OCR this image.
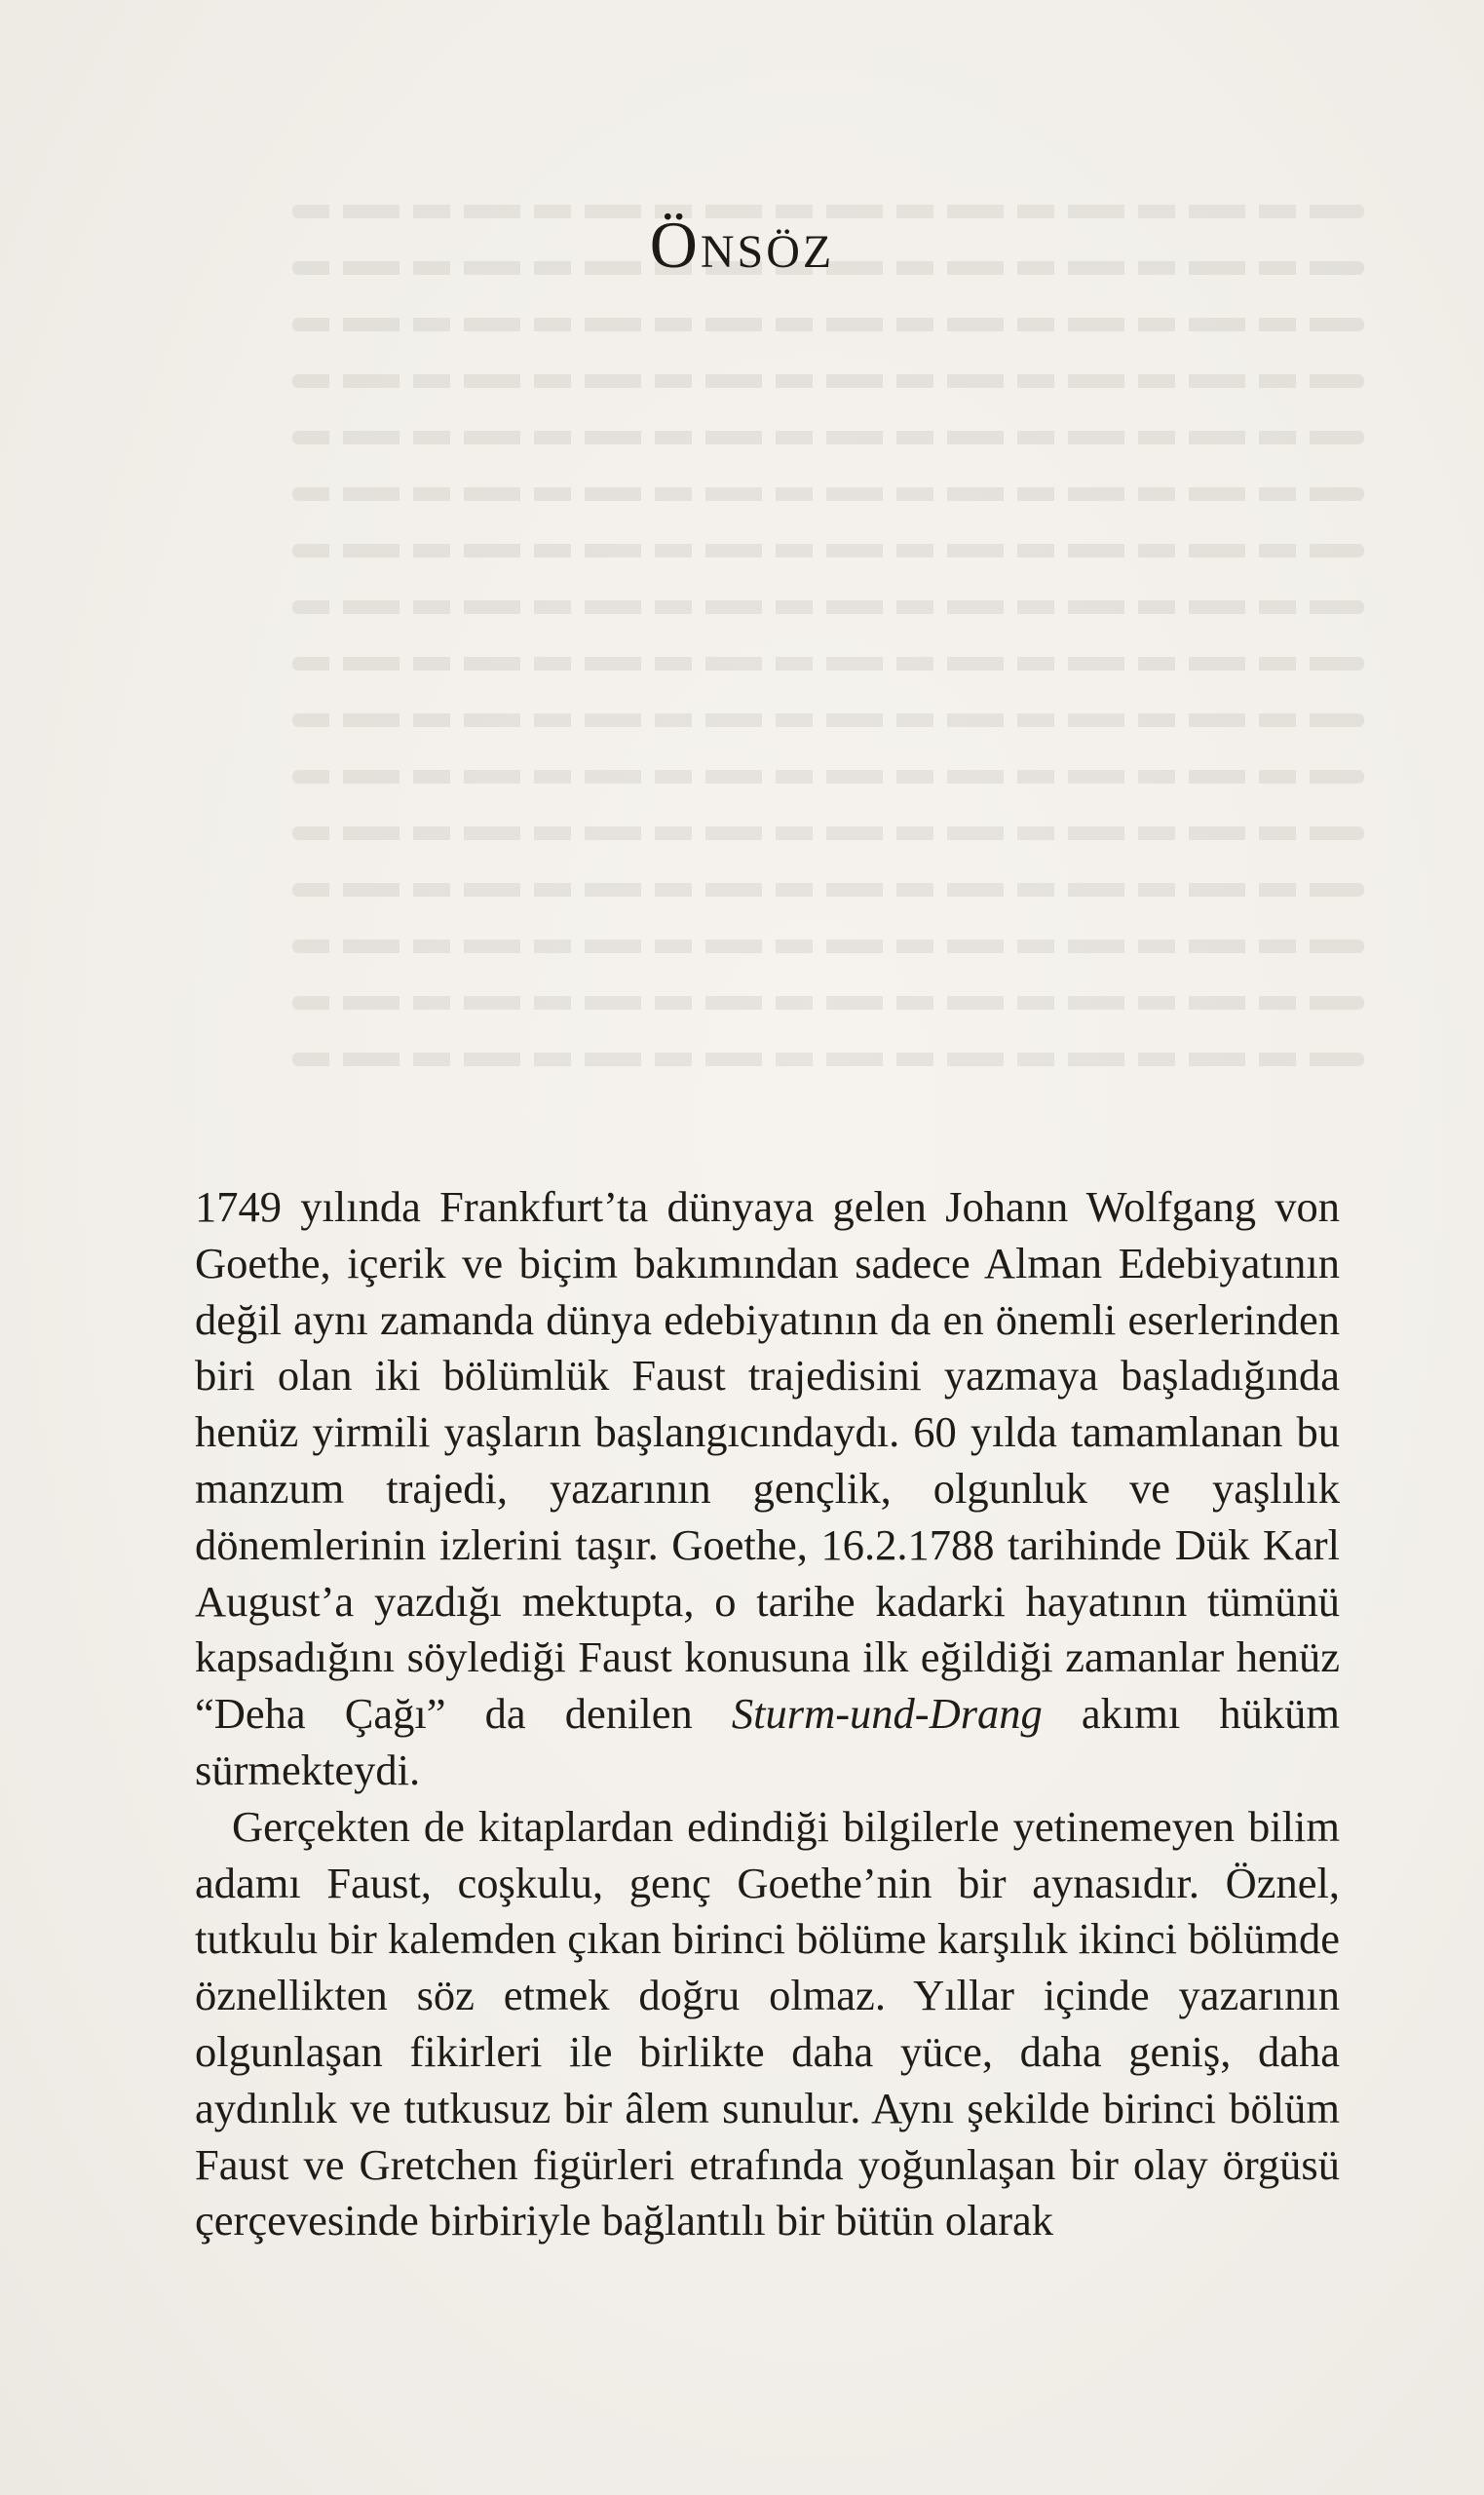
Önsöz

1749 yılında Frankfurt’ta dünyaya gelen Johann Wolfgang von Goethe, içerik ve biçim bakımından sadece Alman Edebiyatının değil aynı zamanda dünya edebiyatının da en önemli eserlerinden biri olan iki bölümlük Faust trajedisini yazmaya başladığında henüz yirmili yaşların başlangıcındaydı. 60 yılda tamamlanan bu manzum trajedi, yazarının gençlik, olgunluk ve yaşlılık dönemlerinin izlerini taşır. Goethe, 16.2.1788 tarihinde Dük Karl August’a yazdığı mektupta, o tarihe kadarki hayatının tümünü kapsadığını söylediği Faust konusuna ilk eğildiği zamanlar henüz “Deha Çağı” da denilen Sturm-und-Drang akımı hüküm sürmekteydi.

Gerçekten de kitaplardan edindiği bilgilerle yetinemeyen bilim adamı Faust, coşkulu, genç Goethe’nin bir aynasıdır. Öznel, tutkulu bir kalemden çıkan birinci bölüme karşılık ikinci bölümde öznellikten söz etmek doğru olmaz. Yıllar içinde yazarının olgunlaşan fikirleri ile birlikte daha yüce, daha geniş, daha aydınlık ve tutkusuz bir âlem sunulur. Aynı şekilde birinci bölüm Faust ve Gretchen figürleri etrafında yoğunlaşan bir olay örgüsü çerçevesinde birbiriyle bağlantılı bir bütün olarak
